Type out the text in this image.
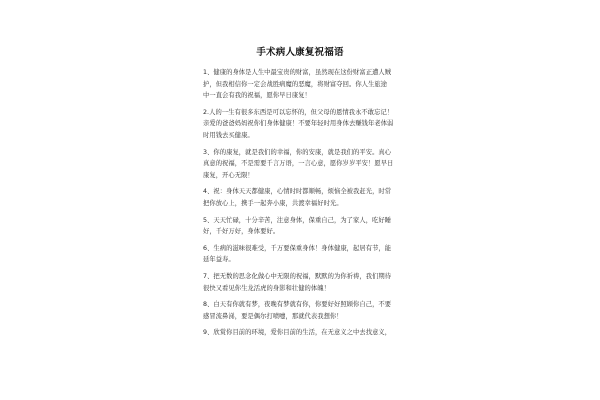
手术病人康复祝福语
1、健康的身体是人生中最宝贵的财富，虽然现在这份财富正遭人贼
护，但我相信你一定会战胜病魔的恶魔，将财富夺回。你人生旅途
中一直会有我的祝福，愿你早日康复！
2.人的一生有很多东西是可以忘怀的，但父母的恩情我永不敢忘记！
亲爱的爸爸妈妈祝你们身体健康！不要年轻时用身体去赚钱年老体弱
时用钱去买健康。
3、你的康复，就是我们的幸福，你的安康，就是我们的平安。真心
真意的祝福，不是需要千言万语，一言心意，愿你岁岁平安！愿早日
康复，开心无限！
4、祝：身体天天都健康，心情时时都顺畅，烦恼全被我赶光，时常
把你放心上，携手一起奔小康，共渡幸福好时光。
5、天天忙碌，十分辛苦，注意身体，保重自己，为了家人，吃好睡
好，千好万好，身体要好。
6、生病的滋味很难受，千万要保重身体！身体健康，起居有节，能
延年益寿。
7、把无数的思念化做心中无限的祝福，默默的为你祈祷，我们期待
很快又看见你生龙活虎的身影和壮健的体魄！
8、白天有你就有梦，夜晚有梦就有你，你要好好照顾你自己，不要
感冒流鼻涕，要是偶尔打喷嚏，那就代表我想你！
9、欣赏你目前的环境，爱你目前的生活，在无意义之中去找意义，
